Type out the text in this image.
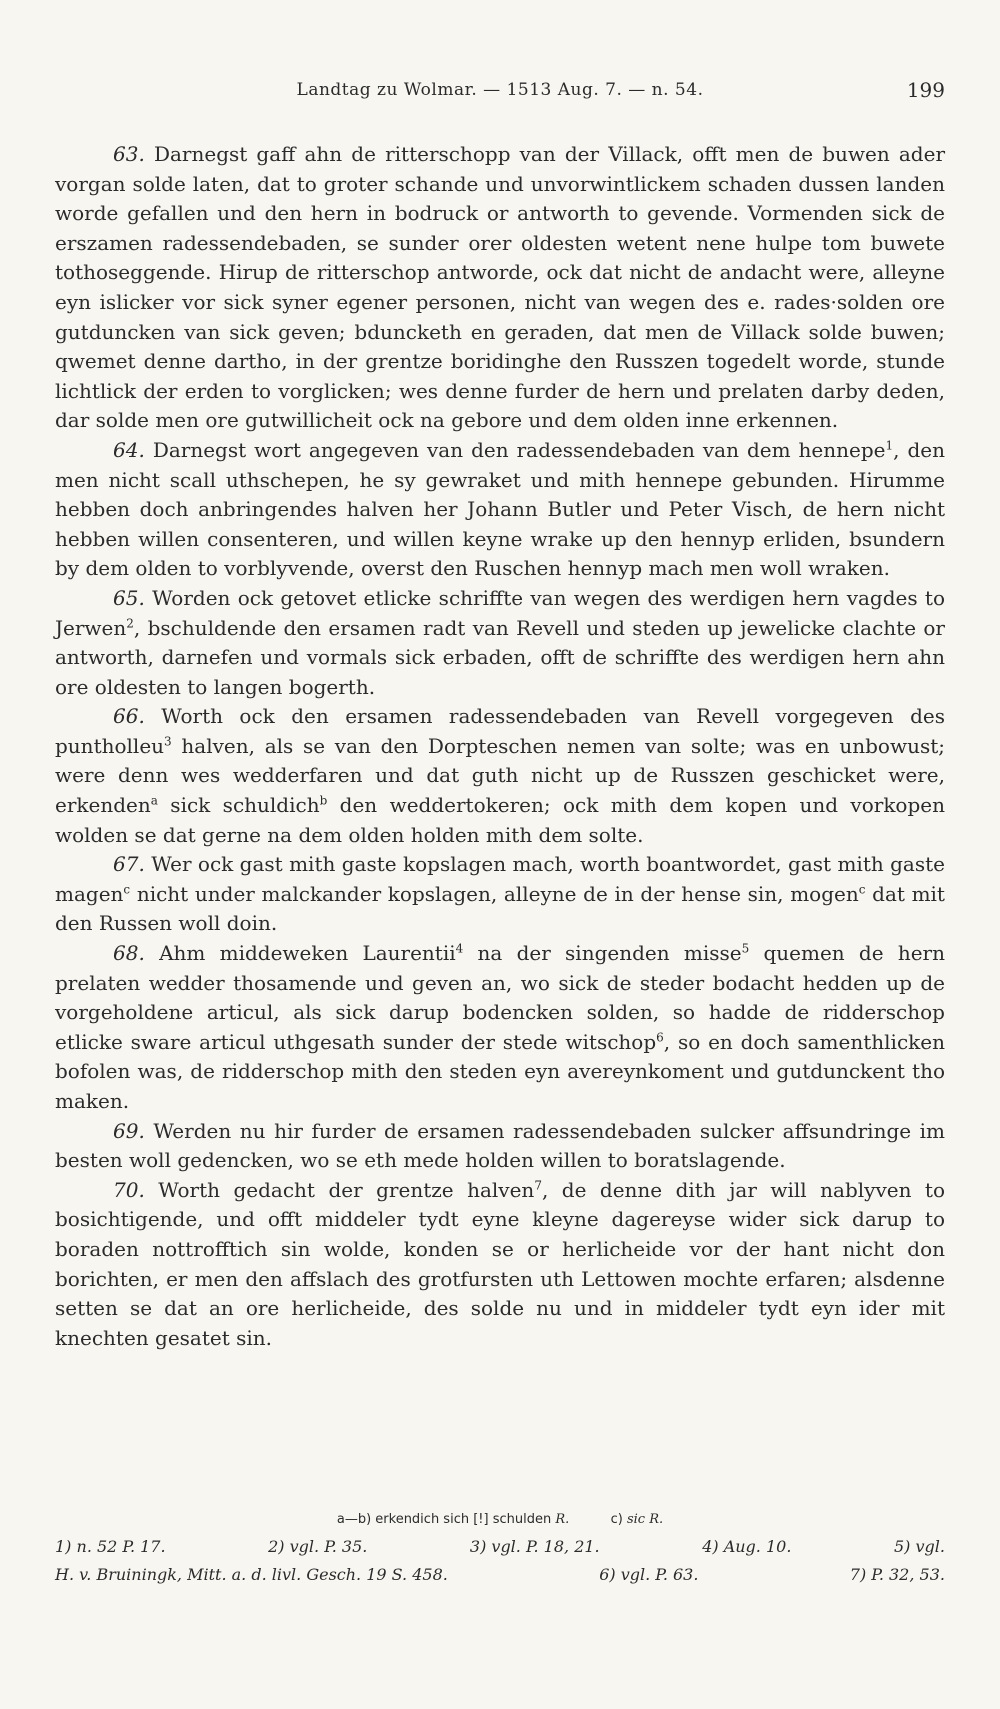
Landtag zu Wolmar. — 1513 Aug. 7. — n. 54.	199

63. Darnegst gaff ahn de ritterschopp van der Villack, offt men de buwen ader vorgan solde laten, dat to groter schande und unvorwintlickem schaden dussen landen worde gefallen und den hern in bodruck or antworth to gevende. Vormenden sick de erszamen radessendebaden, se sunder orer oldesten wetent nene hulpe tom buwete tothoseggende. Hirup de ritterschop antworde, ock dat nicht de andacht were, alleyne eyn islicker vor sick syner egener personen, nicht van wegen des e. rades·solden ore gutduncken van sick geven; bduncketh en geraden, dat men de Villack solde buwen; qwemet denne dartho, in der grentze boridinghe den Russzen togedelt worde, stunde lichtlick der erden to vorglicken; wes denne furder de hern und prelaten darby deden, dar solde men ore gutwillicheit ock na gebore und dem olden inne erkennen.

64. Darnegst wort angegeven van den radessendebaden van dem hennepe$^1$, den men nicht scall uthschepen, he sy gewraket und mith hennepe gebunden. Hirumme hebben doch anbringendes halven her Johann Butler und Peter Visch, de hern nicht hebben willen consenteren, und willen keyne wrake up den hennyp erliden, bsundern by dem olden to vorblyvende, overst den Ruschen hennyp mach men woll wraken.

65. Worden ock getovet etlicke schriffte van wegen des werdigen hern vagdes to Jerwen$^2$, bschuldende den ersamen radt van Revell und steden up jewelicke clachte or antworth, darnefen und vormals sick erbaden, offt de schriffte des werdigen hern ahn ore oldesten to langen bogerth.

66. Worth ock den ersamen radessendebaden van Revell vorgegeven des puntholleu$^3$ halven, als se van den Dorpteschen nemen van solte; was en unbowust; were denn wes wedderfaren und dat guth nicht up de Russzen geschicket were, erkenden$^a$ sick schuldich$^b$ den weddertokeren; ock mith dem kopen und vorkopen wolden se dat gerne na dem olden holden mith dem solte.

67. Wer ock gast mith gaste kopslagen mach, worth boantwordet, gast mith gaste magen$^c$ nicht under malckander kopslagen, alleyne de in der hense sin, mogen$^c$ dat mit den Russen woll doin.

68. Ahm middeweken Laurentii$^4$ na der singenden misse$^5$ quemen de hern prelaten wedder thosamende und geven an, wo sick de steder bodacht hedden up de vorgeholdene articul, als sick darup bodencken solden, so hadde de ridderschop etlicke sware articul uthgesath sunder der stede witschop$^6$, so en doch samenthlicken bofolen was, de ridderschop mith den steden eyn avereynkoment und gutdunckent tho maken.

69. Werden nu hir furder de ersamen radessendebaden sulcker affsundringe im besten woll gedencken, wo se eth mede holden willen to boratslagende.

70. Worth gedacht der grentze halven$^7$, de denne dith jar will nablyven to bosichtigende, und offt middeler tydt eyne kleyne dagereyse wider sick darup to boraden nottrofftich sin wolde, konden se or herlicheide vor der hant nicht don borichten, er men den affslach des grotfursten uth Lettowen mochte erfaren; alsdenne setten se dat an ore herlicheide, des solde nu und in middeler tydt eyn ider mit knechten gesatet sin.

a—b) erkendich sich [!] schulden R.	c) sic R.
1) n. 52 P. 17.	2) vgl. P. 35.	3) vgl. P. 18, 21.	4) Aug. 10.	5) vgl.
H. v. Bruiningk, Mitt. a. d. livl. Gesch. 19 S. 458.	6) vgl. P. 63.	7) P. 32, 53.
